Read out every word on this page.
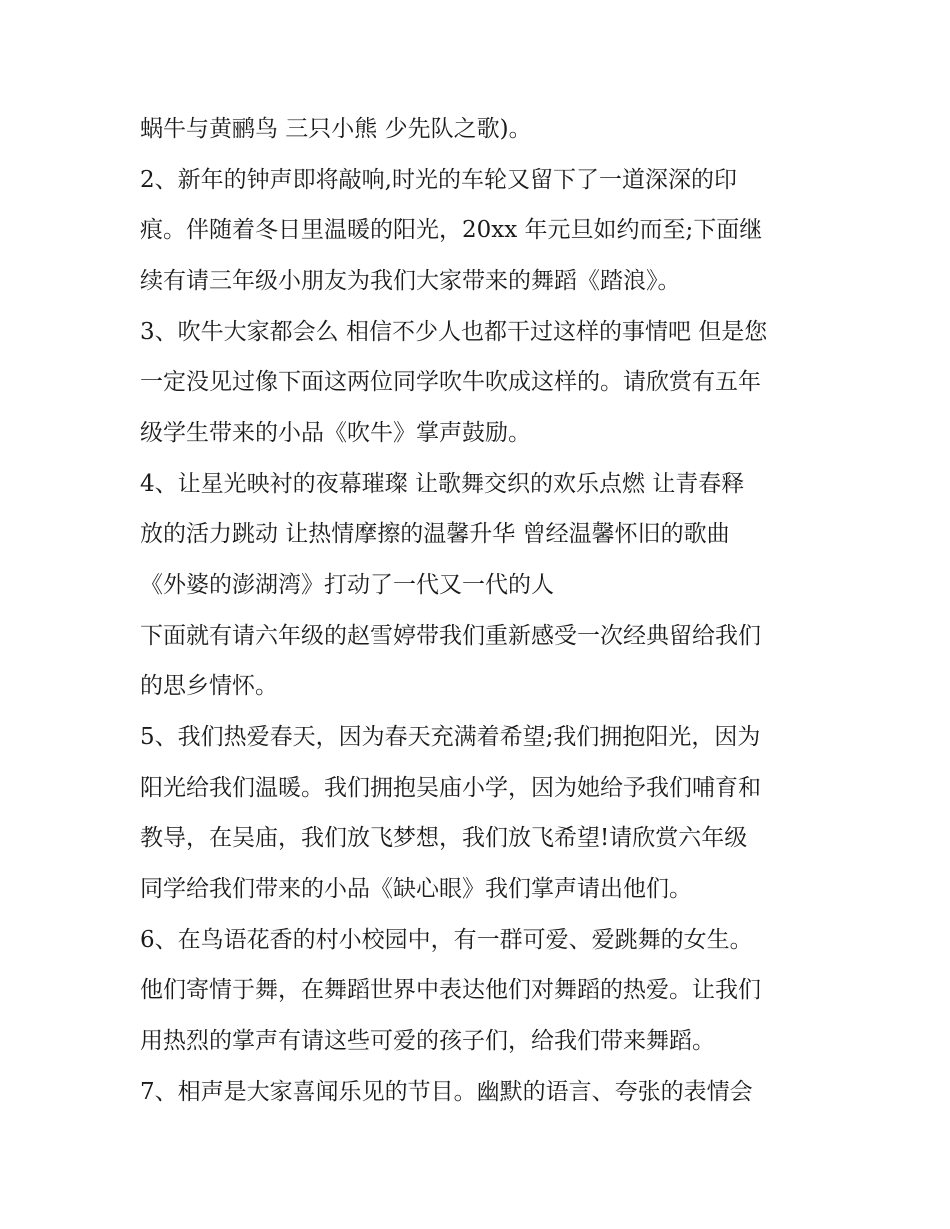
蜗牛与黄鹂鸟 三只小熊 少先队之歌)。
2、新年的钟声即将敲响,时光的车轮又留下了一道深深的印
痕。伴随着冬日里温暖的阳光，20xx 年元旦如约而至;下面继
续有请三年级小朋友为我们大家带来的舞蹈《踏浪》。
3、吹牛大家都会么 相信不少人也都干过这样的事情吧 但是您
一定没见过像下面这两位同学吹牛吹成这样的。请欣赏有五年
级学生带来的小品《吹牛》掌声鼓励。
4、让星光映衬的夜幕璀璨 让歌舞交织的欢乐点燃 让青春释
放的活力跳动 让热情摩擦的温馨升华 曾经温馨怀旧的歌曲
《外婆的澎湖湾》打动了一代又一代的人
下面就有请六年级的赵雪婷带我们重新感受一次经典留给我们
的思乡情怀。
5、我们热爱春天，因为春天充满着希望;我们拥抱阳光，因为
阳光给我们温暖。我们拥抱吴庙小学，因为她给予我们哺育和
教导，在吴庙，我们放飞梦想，我们放飞希望!请欣赏六年级
同学给我们带来的小品《缺心眼》我们掌声请出他们。
6、在鸟语花香的村小校园中，有一群可爱、爱跳舞的女生。
他们寄情于舞，在舞蹈世界中表达他们对舞蹈的热爱。让我们
用热烈的掌声有请这些可爱的孩子们，给我们带来舞蹈。
7、相声是大家喜闻乐见的节目。幽默的语言、夸张的表情会
